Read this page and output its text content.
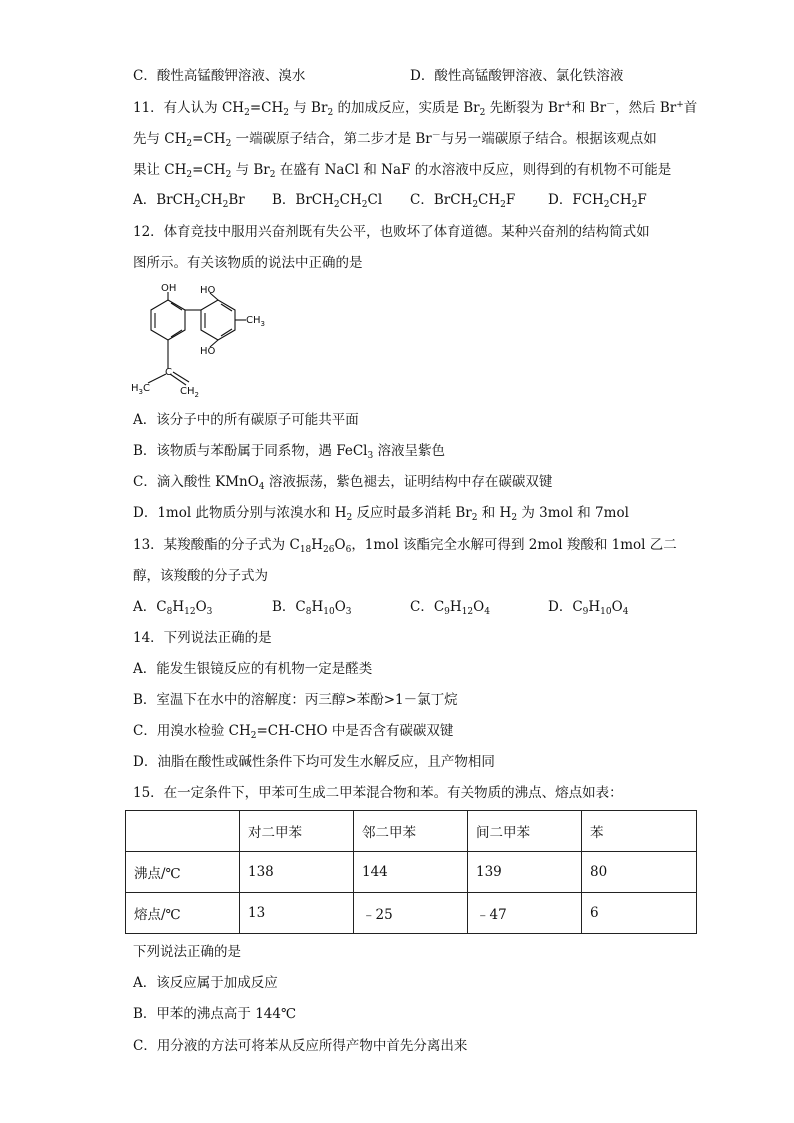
C．酸性高锰酸钾溶液、溴水	D．酸性高锰酸钾溶液、氯化铁溶液
11．有人认为 $CH_2=CH_2$ 与 $Br_2$ 的加成反应，实质是 $Br_2$ 先断裂为 Br+和 Br－，然后 Br+首
先与 $CH_2=CH_2$ 一端碳原子结合，第二步才是 Br－与另一端碳原子结合。根据该观点如
果让 $CH_2=CH_2$ 与 $Br_2$ 在盛有 NaCl 和 NaF 的水溶液中反应，则得到的有机物不可能是
A．$BrCH_2CH_2Br$ B．$BrCH_2CH_2Cl$ C．$BrCH_2CH_2F$ D．$FCH_2CH_2F$
12．体育竞技中服用兴奋剂既有失公平，也败坏了体育道德。某种兴奋剂的结构简式如
图所示。有关该物质的说法中正确的是
OH HO
HO
$CH_3$
C
$H_3C$	$CH_2$
A．该分子中的所有碳原子可能共平面
B．该物质与苯酚属于同系物，遇 FeCl$_3$ 溶液呈紫色
C．滴入酸性 KMnO$_4$ 溶液振荡，紫色褪去，证明结构中存在碳碳双键
D．1mol 此物质分别与浓溴水和 $H_2$ 反应时最多消耗 $Br_2$ 和 $H_2$ 为 3mol 和 7mol
13．某羧酸酯的分子式为 $C_{18}H_{26}O_6$，1mol 该酯完全水解可得到 2mol 羧酸和 1mol 乙二
醇，该羧酸的分子式为
A．$C_8H_{12}O_3$	B．$C_8H_{10}O_3$	C．$C_9H_{12}O_4$	D．$C_9H_{10}O_4$
14．下列说法正确的是
A．能发生银镜反应的有机物一定是醛类
B．室温下在水中的溶解度：丙三醇>苯酚>1－氯丁烷
C．用溴水检验 $CH_2=CH$-CHO 中是否含有碳碳双键
D．油脂在酸性或碱性条件下均可发生水解反应，且产物相同
15．在一定条件下，甲苯可生成二甲苯混合物和苯。有关物质的沸点、熔点如表：
	对二甲苯	邻二甲苯	间二甲苯	苯
沸点/℃	138	144	139	80
熔点/℃	13	﹣25	﹣47	6
下列说法正确的是
A．该反应属于加成反应
B．甲苯的沸点高于 144℃
C．用分液的方法可将苯从反应所得产物中首先分离出来
